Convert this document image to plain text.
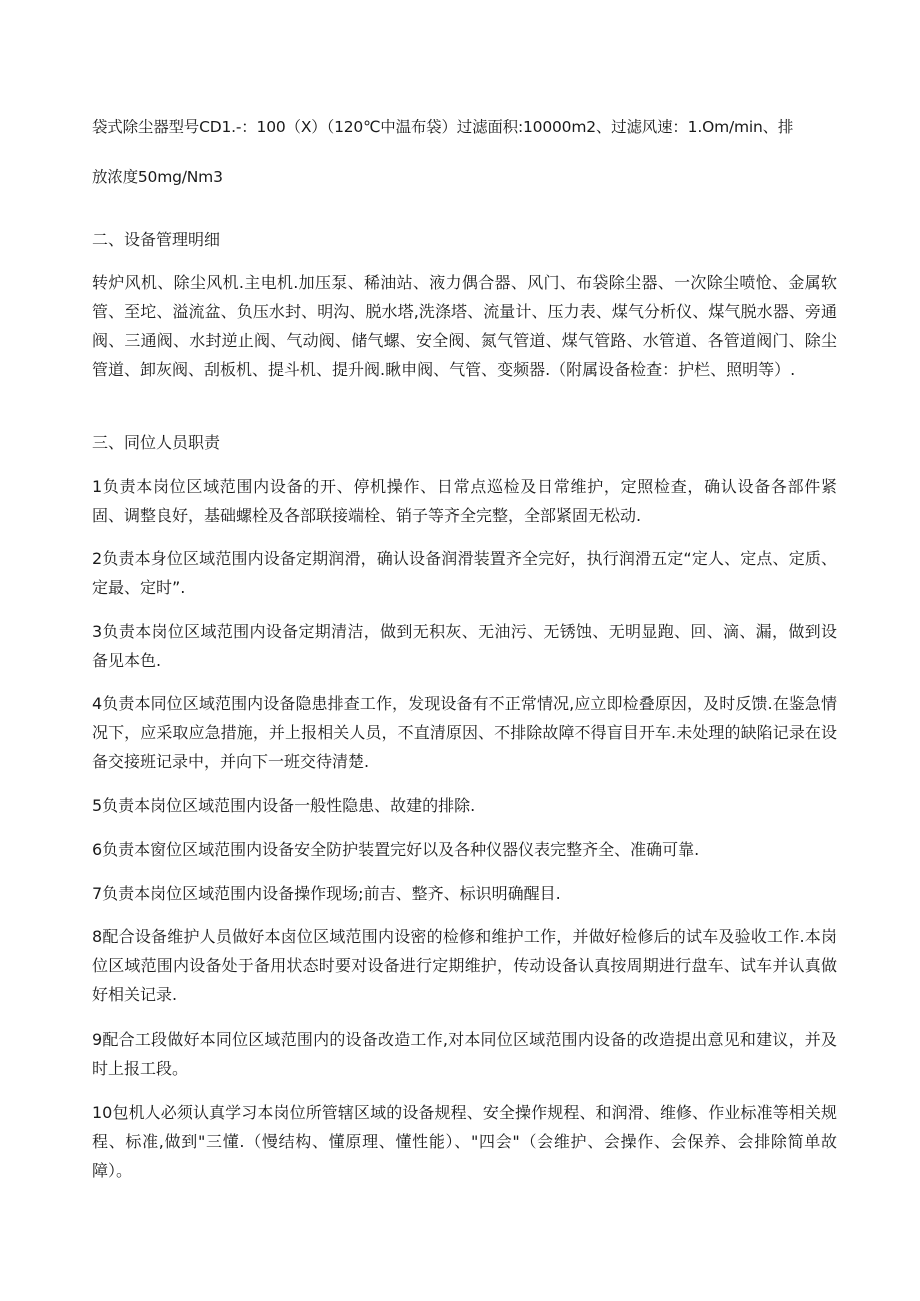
袋式除尘器型号CD1.-：100（X）（120℃中温布袋）过滤面积:10000m2、过滤风速：1.Om/min、排
放浓度50mg∕Nm3
二、设备管理明细
转炉风机、除尘风机.主电机.加压泵、稀油站、液力偶合器、风门、布袋除尘器、一次除尘喷怆、金属软管、至坨、溢流盆、负压水封、明沟、脱水塔,洗涤塔、流量计、压力表、煤气分析仪、煤气脱水器、旁通阀、三通阀、水封逆止阀、气动阀、储气螺、安全阀、氮气管道、煤气管路、水管道、各管道阀门、除尘管道、卸灰阀、刮板机、提斗机、提升阀.瞅申阀、气管、变频器.（附属设备检查：护栏、照明等）.
三、同位人员职责
1负责本岗位区域范围内设备的开、停机操作、日常点巡检及日常维护，定照检查，确认设备各部件紧固、调整良好，基础螺栓及各部联接端栓、销子等齐全完整，全部紧固无松动.
2负责本身位区域范围内设备定期润滑，确认设备润滑装置齐全完好，执行润滑五定“定人、定点、定质、定最、定时”.
3负责本岗位区域范围内设备定期清洁，做到无积灰、无油污、无锈蚀、无明显跑、回、滴、漏，做到设备见本色.
4负责本同位区域范围内设备隐患排查工作，发现设备有不正常情况,应立即检叠原因，及时反馈.在鉴急情况下，应采取应急措施，并上报相关人员，不直清原因、不排除故障不得盲目开车.未处理的缺陷记录在设备交接班记录中，并向下一班交待清楚.
5负责本岗位区域范围内设备一般性隐患、故建的排除.
6负责本窗位区域范围内设备安全防护装置完好以及各种仪器仪表完整齐全、准确可靠.
7负责本岗位区域范围内设备操作现场;前吉、整齐、标识明确醒目.
8配合设备维护人员做好本卤位区域范围内设密的检修和维护工作，并做好检修后的试车及验收工作.本岗位区域范围内设备处于备用状态时要对设备进行定期维护，传动设备认真按周期进行盘车、试车并认真做好相关记录.
9配合工段做好本同位区域范围内的设备改造工作,对本同位区域范围内设备的改造提出意见和建议，并及时上报工段。
10包机人必须认真学习本岗位所管辖区域的设备规程、安全操作规程、和润滑、维修、作业标准等相关规程、标准,做到"三懂.（慢结构、懂原理、懂性能）、"四会"（会维护、会操作、会保养、会排除简单故障）。
